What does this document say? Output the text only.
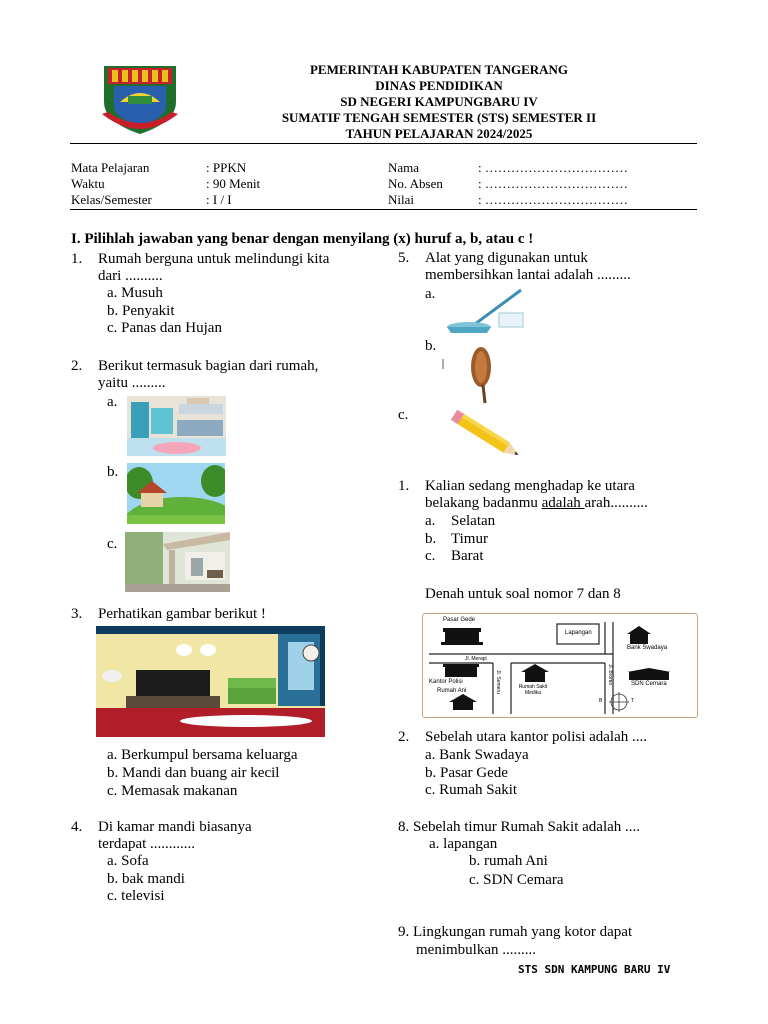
PEMERINTAH KABUPATEN TANGERANG
DINAS PENDIDIKAN
SD NEGERI KAMPUNGBARU IV
SUMATIF TENGAH SEMESTER (STS) SEMESTER II
TAHUN PELAJARAN 2024/2025
Mata Pelajaran	: PPKN	Nama	: ……………………………
Waktu	: 90 Menit	No. Absen	: ……………………………
Kelas/Semester	: I / I	Nilai	: ……………………………
I. Pilihlah jawaban yang benar dengan menyilang (x) huruf a, b, atau c !
1. Rumah berguna untuk melindungi kita
dari ..........
a. Musuh
b. Penyakit
c. Panas dan Hujan
2. Berikut termasuk bagian dari rumah,
yaitu .........
a.
b.
c.
3. Perhatikan gambar berikut !
a. Berkumpul bersama keluarga
b. Mandi dan buang air kecil
c. Memasak makanan
4. Di kamar mandi biasanya
terdapat ............
a. Sofa
b. bak mandi
c. televisi
5. Alat yang digunakan untuk
membersihkan lantai adalah .........
a.
b.
c.
1. Kalian sedang menghadap ke utara
belakang badanmu adalah arah..........
a. Selatan
b. Timur
c. Barat
Denah untuk soal nomor 7 dan 8
Pasar Gede
Lapangan
Bank Swadaya
Jl. Merapi
Jl. Semeru	Jl. Bromo
Kantor Polisi
Rumah Sakit Medika
SDN Cemara
Rumah Ani
B	T
2. Sebelah utara kantor polisi adalah ....
a. Bank Swadaya
b. Pasar Gede
c. Rumah Sakit
8. Sebelah timur Rumah Sakit adalah ....
a. lapangan
b. rumah Ani
c. SDN Cemara
9. Lingkungan rumah yang kotor dapat
menimbulkan .........
STS SDN KAMPUNG BARU IV
